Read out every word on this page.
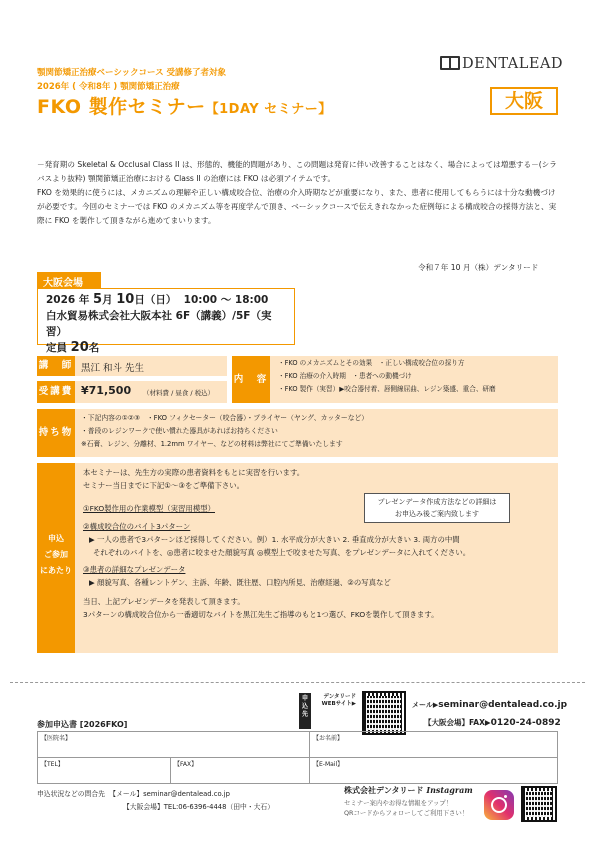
顎関節矯正治療ベーシックコース 受講修了者対象
2026年 ( 令和8年 ) 顎関節矯正治療
FKO 製作セミナー【1DAY セミナー】
DENTALEAD
大阪

－発育期の Skeletal & Occlusal Class II は、形態的、機能的問題があり、この問題は発育に伴い改善することはなく、場合によっては増悪する－(シラバスより抜粋) 顎関節矯正治療における Class II の治療には FKO は必須アイテムです。

FKO を効果的に使うには、メカニズムの理解や正しい構成咬合位、治療の介入時期などが重要になり、また、患者に使用してもらうには十分な動機づけが必要です。今回のセミナーでは FKO のメカニズム等を再度学んで頂き、ベーシックコースで伝えきれなかった症例毎による構成咬合の採得方法と、実際に FKO を製作して頂きながら進めてまいります。

令和７年 10 月（株）デンタリード
大阪会場
2026 年 5月 10日（日） 10:00 〜 18:00
白水貿易株式会社大阪本社 6F（講義）/5F（実習）
定員 20名
講　師 黒江 和斗 先生
受講費 ¥71,500 （材料費 / 昼食 / 税込）
内　容
・FKO のメカニズムとその効果　・正しい構成咬合位の採り方
・FKO 治療の介入時期　・患者への動機づけ
・FKO 製作（実習）▶咬合器付着、唇側線屈曲、レジン築盛、重合、研磨
持ち物
・下記内容の①②③　・FKO フィクセーター（咬合器）・プライヤー（ヤング、カッターなど）
・普段のレジンワークで使い慣れた器具があればお持ちください
※石膏、レジン、分離材、1.2mm ワイヤー、などの材料は弊社にてご準備いたします
申込
ご参加
にあたり
本セミナーは、先生方の実際の患者資料をもとに実習を行います。
セミナー当日までに下記①〜③をご準備下さい。
①FKO製作用の作業模型（実習用模型）
②構成咬合位のバイト3パターン
▶ 一人の患者で3パターンほど採得してください。例）1. 水平成分が大きい 2. 垂直成分が大きい 3. 両方の中間
それぞれのバイトを、◎患者に咬ませた顔貌写真 ◎模型上で咬ませた写真、をプレゼンデータに入れてください。
③患者の詳細なプレゼンデータ
▶ 顔貌写真、各種レントゲン、主訴、年齢、既往歴、口腔内所見、治療経過、②の写真など
当日、上記プレゼンデータを発表して頂きます。
3パターンの構成咬合位から一番適切なバイトを黒江先生ご指導のもと1つ選び、FKOを製作して頂きます。
プレゼンデータ作成方法などの詳細は
お申込み後ご案内致します
申込先
デンタリード
WEBサイト▶	メール▶seminar@dentalead.co.jp
【大阪会場】FAX▶0120-24-0892
参加申込書 [2026FKO]
【医院名】		【お名前】
【TEL】	【FAX】	【E-Mail】
申込状況などの問合先 【メール】seminar@dentalead.co.jp
【大阪会場】TEL:06-6396-4448（田中・大石）
株式会社デンタリード Instagram
セミナー案内やお得な情報をアップ！
QRコードからフォローしてご利用下さい！
